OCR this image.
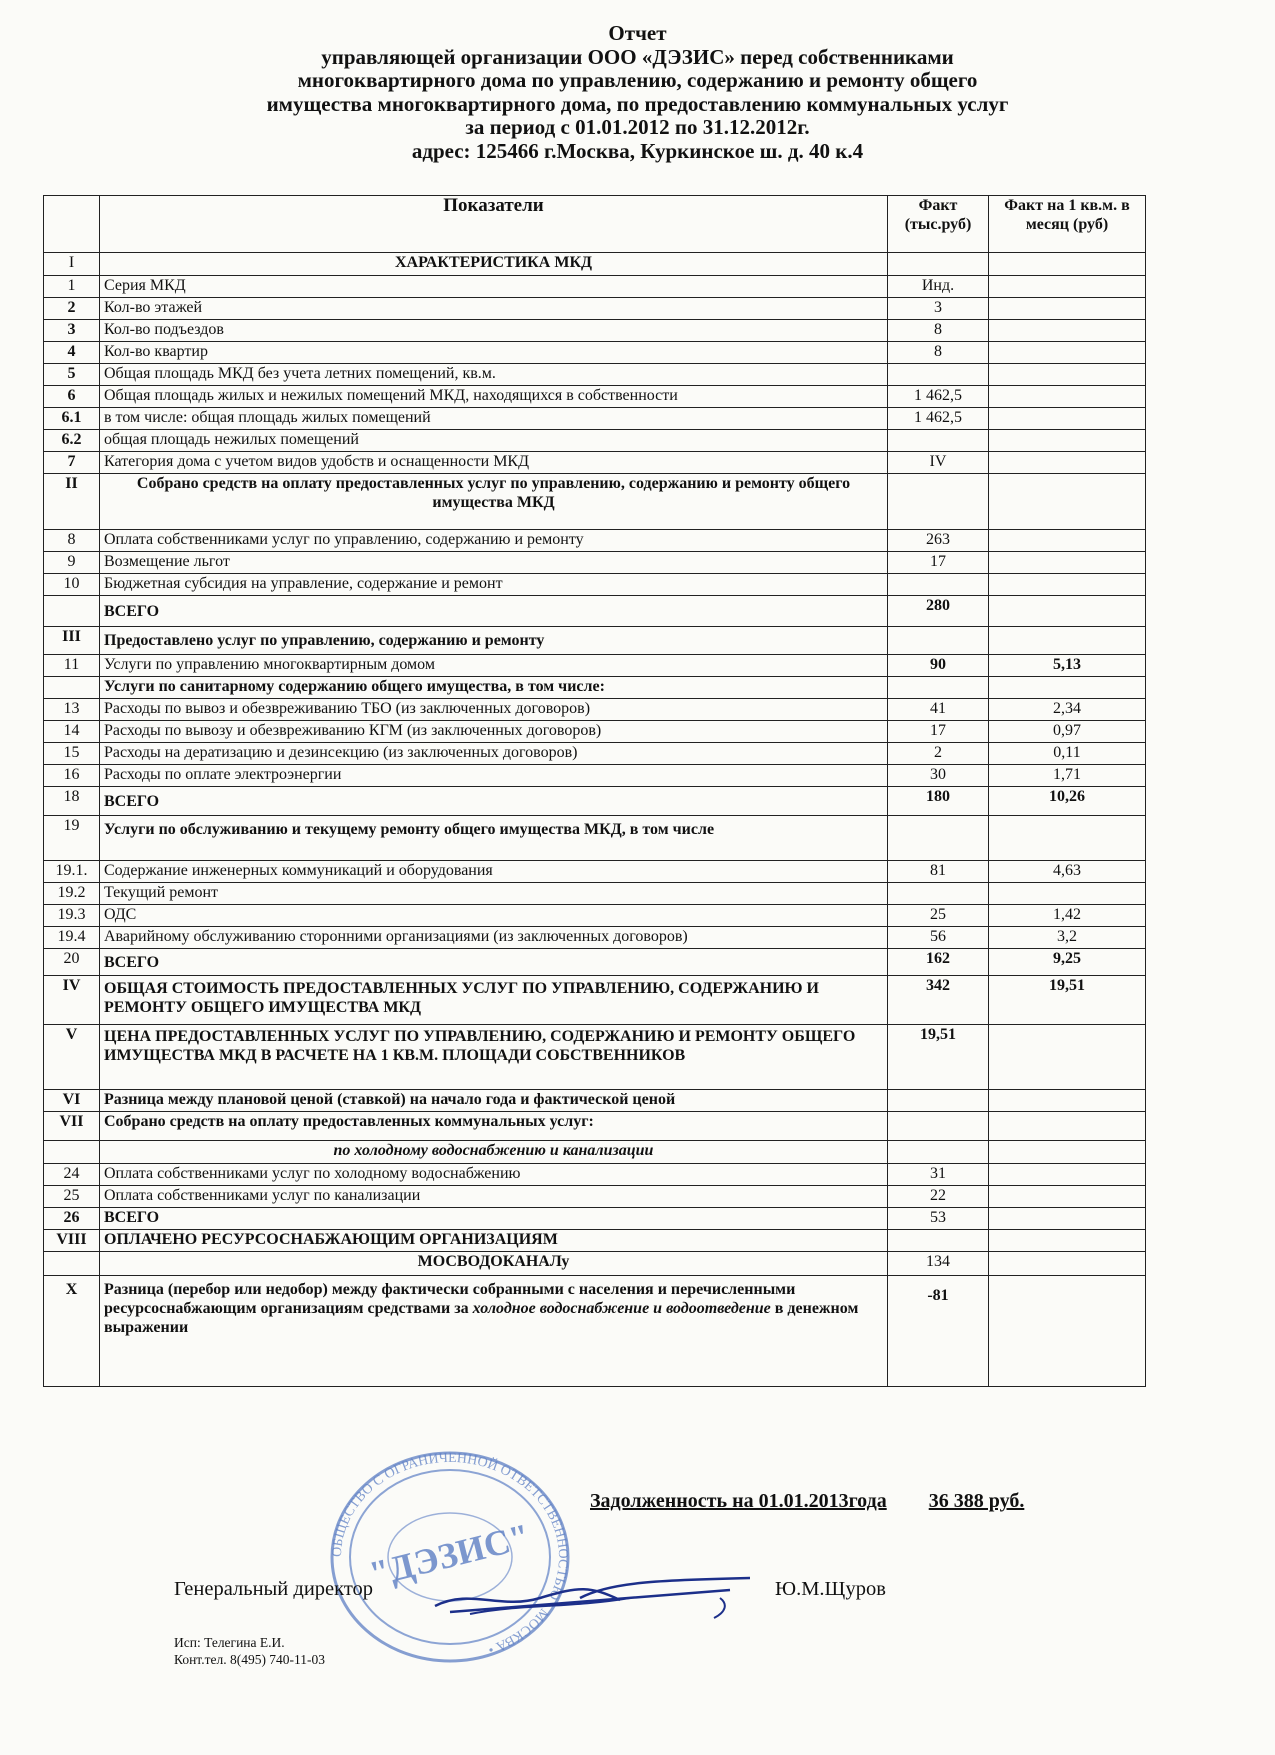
Отчет
управляющей организации ООО «ДЭЗИС» перед собственниками
многоквартирного дома по управлению, содержанию и ремонту общего
имущества многоквартирного дома, по предоставлению коммунальных услуг
за период с 01.01.2012 по 31.12.2012г.
адрес: 125466 г.Москва, Куркинское ш. д. 40 к.4
	Показатели	Факт (тыс.руб)	Факт на 1 кв.м. в месяц (руб)
I	ХАРАКТЕРИСТИКА МКД		
1	Серия МКД	Инд.	
2	Кол-во этажей	3	
3	Кол-во подъездов	8	
4	Кол-во квартир	8	
5	Общая площадь МКД без учета летних помещений, кв.м.		
6	Общая площадь жилых и нежилых помещений МКД, находящихся в собственности	1 462,5	
6.1	в том числе: общая площадь жилых помещений	1 462,5	
6.2	общая площадь нежилых помещений		
7	Категория дома с учетом видов удобств и оснащенности МКД	IV	
II	Собрано средств на оплату предоставленных услуг по управлению, содержанию и ремонту общего имущества МКД		
8	Оплата собственниками услуг по управлению, содержанию и ремонту	263	
9	Возмещение льгот	17	
10	Бюджетная субсидия на управление, содержание и ремонт		
	ВСЕГО	280	
III	Предоставлено услуг по управлению, содержанию и ремонту		
11	Услуги по управлению многоквартирным домом	90	5,13
	Услуги по санитарному содержанию общего имущества, в том числе:		
13	Расходы по вывоз и обезвреживанию ТБО (из заключенных договоров)	41	2,34
14	Расходы по вывозу и обезвреживанию КГМ (из заключенных договоров)	17	0,97
15	Расходы на дератизацию и дезинсекцию (из заключенных договоров)	2	0,11
16	Расходы по оплате электроэнергии	30	1,71
18	ВСЕГО	180	10,26
19	Услуги по обслуживанию и текущему ремонту общего имущества МКД, в том числе		
19.1.	Содержание инженерных коммуникаций и оборудования	81	4,63
19.2	Текущий ремонт		
19.3	ОДС	25	1,42
19.4	Аварийному обслуживанию сторонними организациями (из заключенных договоров)	56	3,2
20	ВСЕГО	162	9,25
IV	ОБЩАЯ СТОИМОСТЬ ПРЕДОСТАВЛЕННЫХ УСЛУГ ПО УПРАВЛЕНИЮ, СОДЕРЖАНИЮ И РЕМОНТУ ОБЩЕГО ИМУЩЕСТВА МКД	342	19,51
V	ЦЕНА ПРЕДОСТАВЛЕННЫХ УСЛУГ ПО УПРАВЛЕНИЮ, СОДЕРЖАНИЮ И РЕМОНТУ ОБЩЕГО ИМУЩЕСТВА МКД В РАСЧЕТЕ НА 1 КВ.М. ПЛОЩАДИ СОБСТВЕННИКОВ	19,51	
VI	Разница между плановой ценой (ставкой) на начало года и фактической ценой		
VII	Собрано средств на оплату предоставленных коммунальных услуг:		
	по холодному водоснабжению и канализации		
24	Оплата собственниками услуг по холодному водоснабжению	31	
25	Оплата собственниками услуг по канализации	22	
26	ВСЕГО	53	
VIII	ОПЛАЧЕНО РЕСУРСОСНАБЖАЮЩИМ ОРГАНИЗАЦИЯМ		
	МОСВОДОКАНАЛу	134	
X	Разница (перебор или недобор) между фактически собранными с населения и перечисленными ресурсоснабжающим организациям средствами за холодное водоснабжение и водоотведение в денежном выражении	-81	
Задолженность на 01.01.2013года 36 388 руб.
ОБЩЕСТВО С ОГРАНИЧЕННОЙ ОТВЕТСТВЕННОСТЬЮ • МОСКВА •
"ДЭЗИС"
Генеральный директор	Ю.М.Щуров
Исп: Телегина Е.И.
Конт.тел. 8(495) 740-11-03
